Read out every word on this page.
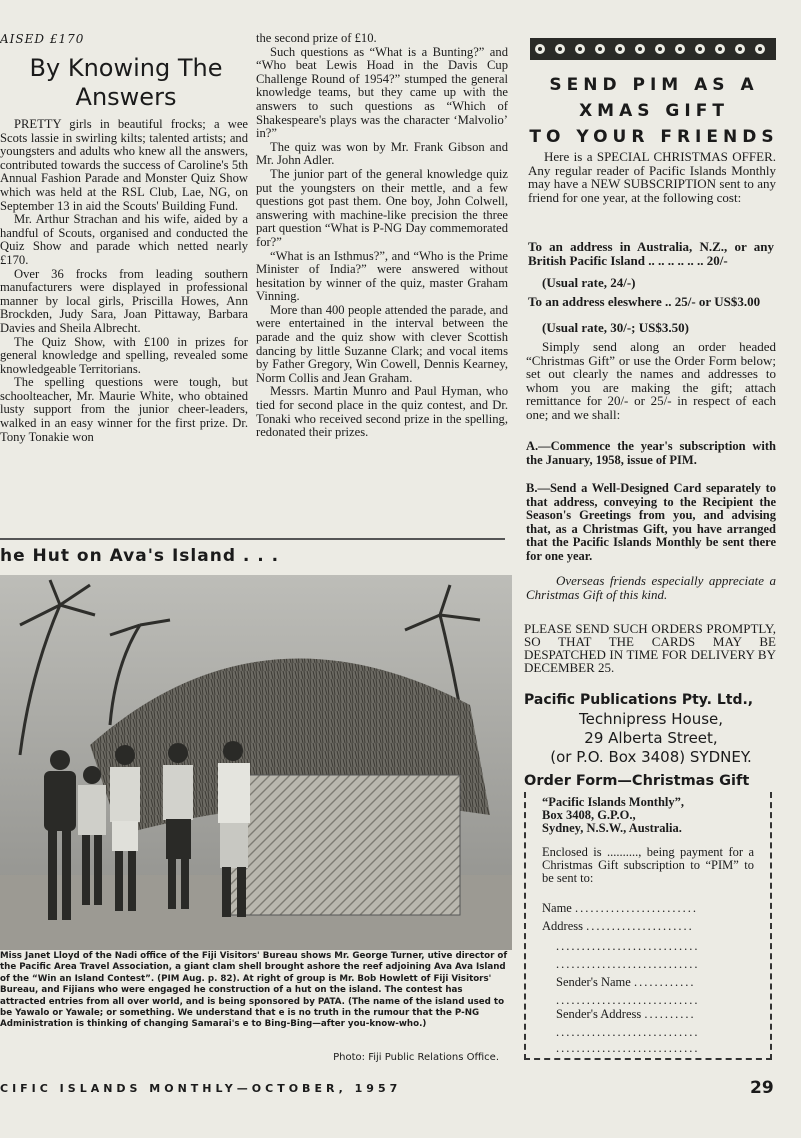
AISED £170
By Knowing The Answers

PRETTY girls in beautiful frocks; a wee Scots lassie in swirling kilts; talented artists; and youngsters and adults who knew all the answers, contributed towards the success of Caroline's 5th Annual Fashion Parade and Monster Quiz Show which was held at the RSL Club, Lae, NG, on September 13 in aid the Scouts' Building Fund.

Mr. Arthur Strachan and his wife, aided by a handful of Scouts, organised and conducted the Quiz Show and parade which netted nearly £170.

Over 36 frocks from leading southern manufacturers were displayed in professional manner by local girls, Priscilla Howes, Ann Brockden, Judy Sara, Joan Pittaway, Barbara Davies and Sheila Albrecht.

The Quiz Show, with £100 in prizes for general knowledge and spelling, revealed some knowledgeable Territorians.

The spelling questions were tough, but schoolteacher, Mr. Maurie White, who obtained lusty support from the junior cheer-leaders, walked in an easy winner for the first prize. Dr. Tony Tonakie won

the second prize of £10.

Such questions as “What is a Bunting?” and “Who beat Lewis Hoad in the Davis Cup Challenge Round of 1954?” stumped the general knowledge teams, but they came up with the answers to such questions as “Which of Shakespeare's plays was the character ‘Malvolio’ in?”

The quiz was won by Mr. Frank Gibson and Mr. John Adler.

The junior part of the general knowledge quiz put the youngsters on their mettle, and a few questions got past them. One boy, John Colwell, answering with machine-like precision the three part question “What is P-NG Day commemorated for?”

“What is an Isthmus?”, and “Who is the Prime Minister of India?” were answered without hesitation by winner of the quiz, master Graham Vinning.

More than 400 people attended the parade, and were entertained in the interval between the parade and the quiz show with clever Scottish dancing by little Suzanne Clark; and vocal items by Father Gregory, Win Cowell, Dennis Kearney, Norm Collis and Jean Graham.

Messrs. Martin Munro and Paul Hyman, who tied for second place in the quiz contest, and Dr. Tonaki who received second prize in the spelling, redonated their prizes.

he Hut on Ava's Island . . .
Miss Janet Lloyd of the Nadi office of the Fiji Visitors' Bureau shows Mr. George Turner, utive director of the Pacific Area Travel Association, a giant clam shell brought ashore the reef adjoining Ava Ava Island of the “Win an Island Contest”. (PIM Aug. p. 82). At right of group is Mr. Bob Howlett of Fiji Visitors' Bureau, and Fijians who were engaged he construction of a hut on the island. The contest has attracted entries from all over world, and is being sponsored by PATA. (The name of the island used to be Yawalo or Yawale; or something. We understand that e is no truth in the rumour that the P-NG Administration is thinking of changing Samarai's e to Bing-Bing—after you-know-who.)
Photo: Fiji Public Relations Office.
SEND PIM AS A
XMAS GIFT
TO YOUR FRIENDS
Here is a SPECIAL CHRISTMAS OFFER. Any regular reader of Pacific Islands Monthly may have a NEW SUBSCRIPTION sent to any friend for one year, at the following cost:
To an address in Australia, N.Z., or any British Pacific Island .. .. .. .. .. .. 20/-
(Usual rate, 24/-)
To an address eleswhere .. 25/- or US$3.00
(Usual rate, 30/-; US$3.50)
Simply send along an order headed “Christmas Gift” or use the Order Form below; set out clearly the names and addresses to whom you are making the gift; attach remittance for 20/- or 25/- in respect of each one; and we shall:
A.—Commence the year's subscription with the January, 1958, issue of PIM.
B.—Send a Well-Designed Card separately to that address, conveying to the Recipient the Season's Greetings from you, and advising that, as a Christmas Gift, you have arranged that the Pacific Islands Monthly be sent there for one year.
Overseas friends especially appreciate a Christmas Gift of this kind.
PLEASE SEND SUCH ORDERS PROMPTLY, SO THAT THE CARDS MAY BE DESPATCHED IN TIME FOR DELIVERY BY DECEMBER 25.
Pacific Publications Pty. Ltd.,
Technipress House,
29 Alberta Street,
(or P.O. Box 3408) SYDNEY.
Order Form—Christmas Gift
“Pacific Islands Monthly”,
Box 3408, G.P.O.,
Sydney, N.S.W., Australia.
Enclosed is .........., being payment for a Christmas Gift subscription to “PIM” to be sent to:
Name ........................
Address .....................
............................
............................
Sender's Name ............
............................
Sender's Address ..........
............................
............................
CIFIC ISLANDS MONTHLY—OCTOBER, 1957	29
